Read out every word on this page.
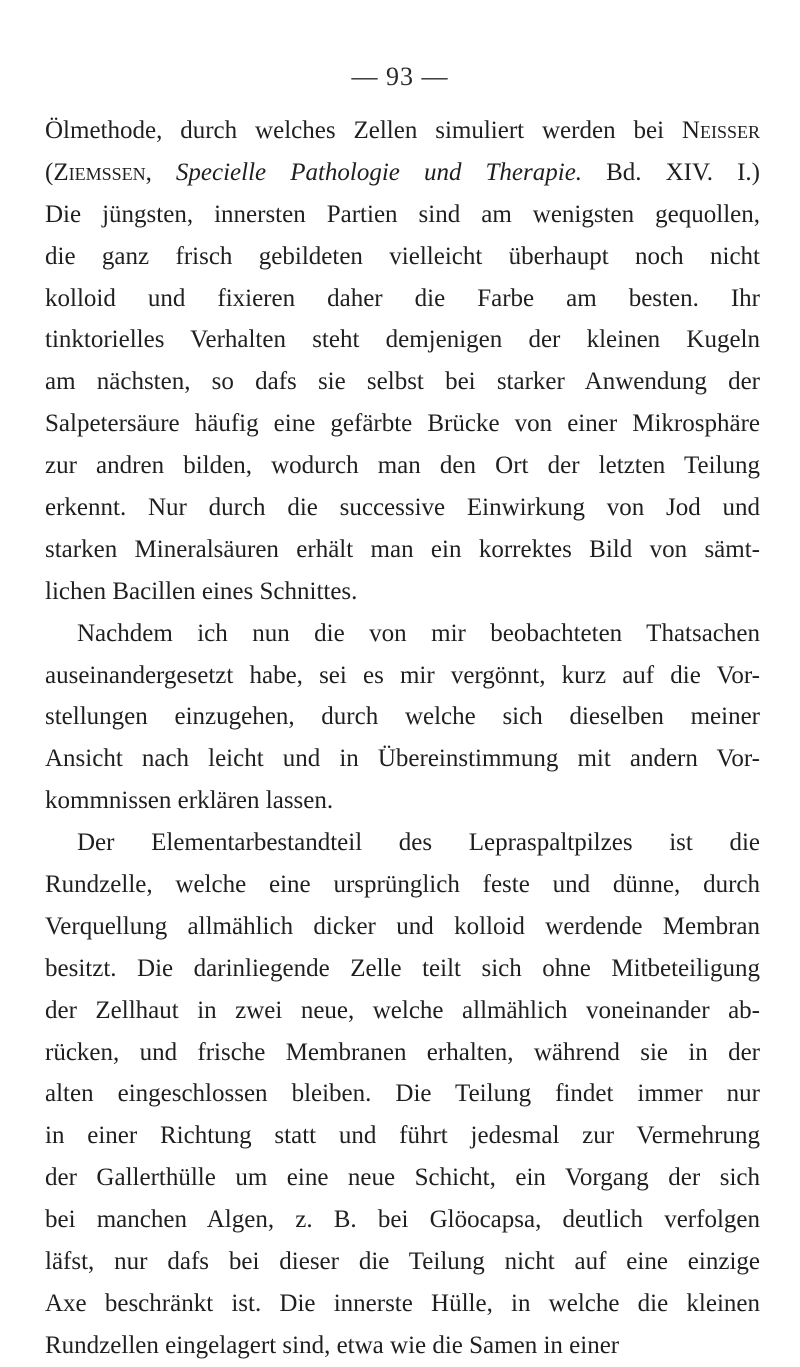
— 93 —
Ölmethode, durch welches Zellen simuliert werden bei Neisser
(Ziemssen, Specielle Pathologie und Therapie. Bd. XIV. I.)
Die jüngsten, innersten Partien sind am wenigsten gequollen,
die ganz frisch gebildeten vielleicht überhaupt noch nicht
kolloid und fixieren daher die Farbe am besten. Ihr
tinktorielles Verhalten steht demjenigen der kleinen Kugeln
am nächsten, so dafs sie selbst bei starker Anwendung der
Salpetersäure häufig eine gefärbte Brücke von einer Mikrosphäre
zur andren bilden, wodurch man den Ort der letzten Teilung
erkennt. Nur durch die successive Einwirkung von Jod und
starken Mineralsäuren erhält man ein korrektes Bild von sämt-
lichen Bacillen eines Schnittes.
Nachdem ich nun die von mir beobachteten Thatsachen
auseinandergesetzt habe, sei es mir vergönnt, kurz auf die Vor-
stellungen einzugehen, durch welche sich dieselben meiner
Ansicht nach leicht und in Übereinstimmung mit andern Vor-
kommnissen erklären lassen.
Der Elementarbestandteil des Lepraspaltpilzes ist die
Rundzelle, welche eine ursprünglich feste und dünne, durch
Verquellung allmählich dicker und kolloid werdende Membran
besitzt. Die darinliegende Zelle teilt sich ohne Mitbeteiligung
der Zellhaut in zwei neue, welche allmählich voneinander ab-
rücken, und frische Membranen erhalten, während sie in der
alten eingeschlossen bleiben. Die Teilung findet immer nur
in einer Richtung statt und führt jedesmal zur Vermehrung
der Gallerthülle um eine neue Schicht, ein Vorgang der sich
bei manchen Algen, z. B. bei Glöocapsa, deutlich verfolgen
läfst, nur dafs bei dieser die Teilung nicht auf eine einzige
Axe beschränkt ist. Die innerste Hülle, in welche die kleinen
Rundzellen eingelagert sind, etwa wie die Samen in einer
